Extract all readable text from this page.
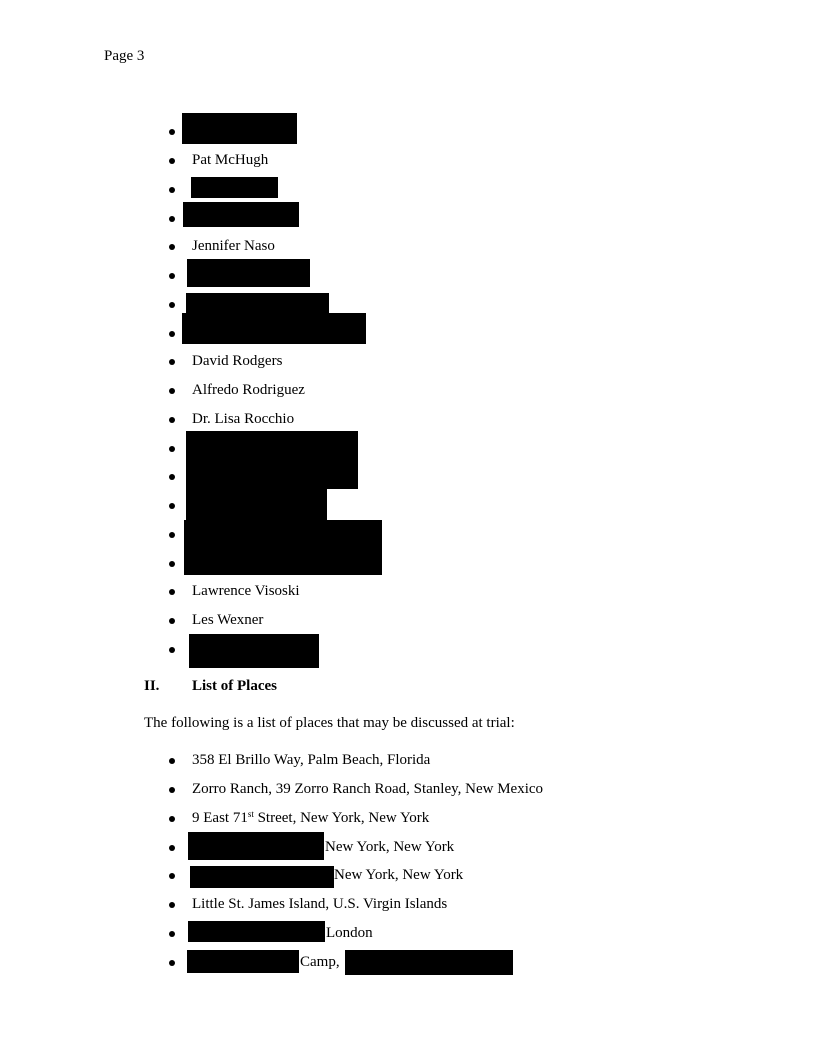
Page 3
Pat McHugh
Jennifer Naso
David Rodgers
Alfredo Rodriguez
Dr. Lisa Rocchio
Lawrence Visoski
Les Wexner
II. List of Places
The following is a list of places that may be discussed at trial:
358 El Brillo Way, Palm Beach, Florida
Zorro Ranch, 39 Zorro Ranch Road, Stanley, New Mexico
9 East 71st Street, New York, New York
New York, New York
New York, New York
Little St. James Island, U.S. Virgin Islands
London
Camp,
